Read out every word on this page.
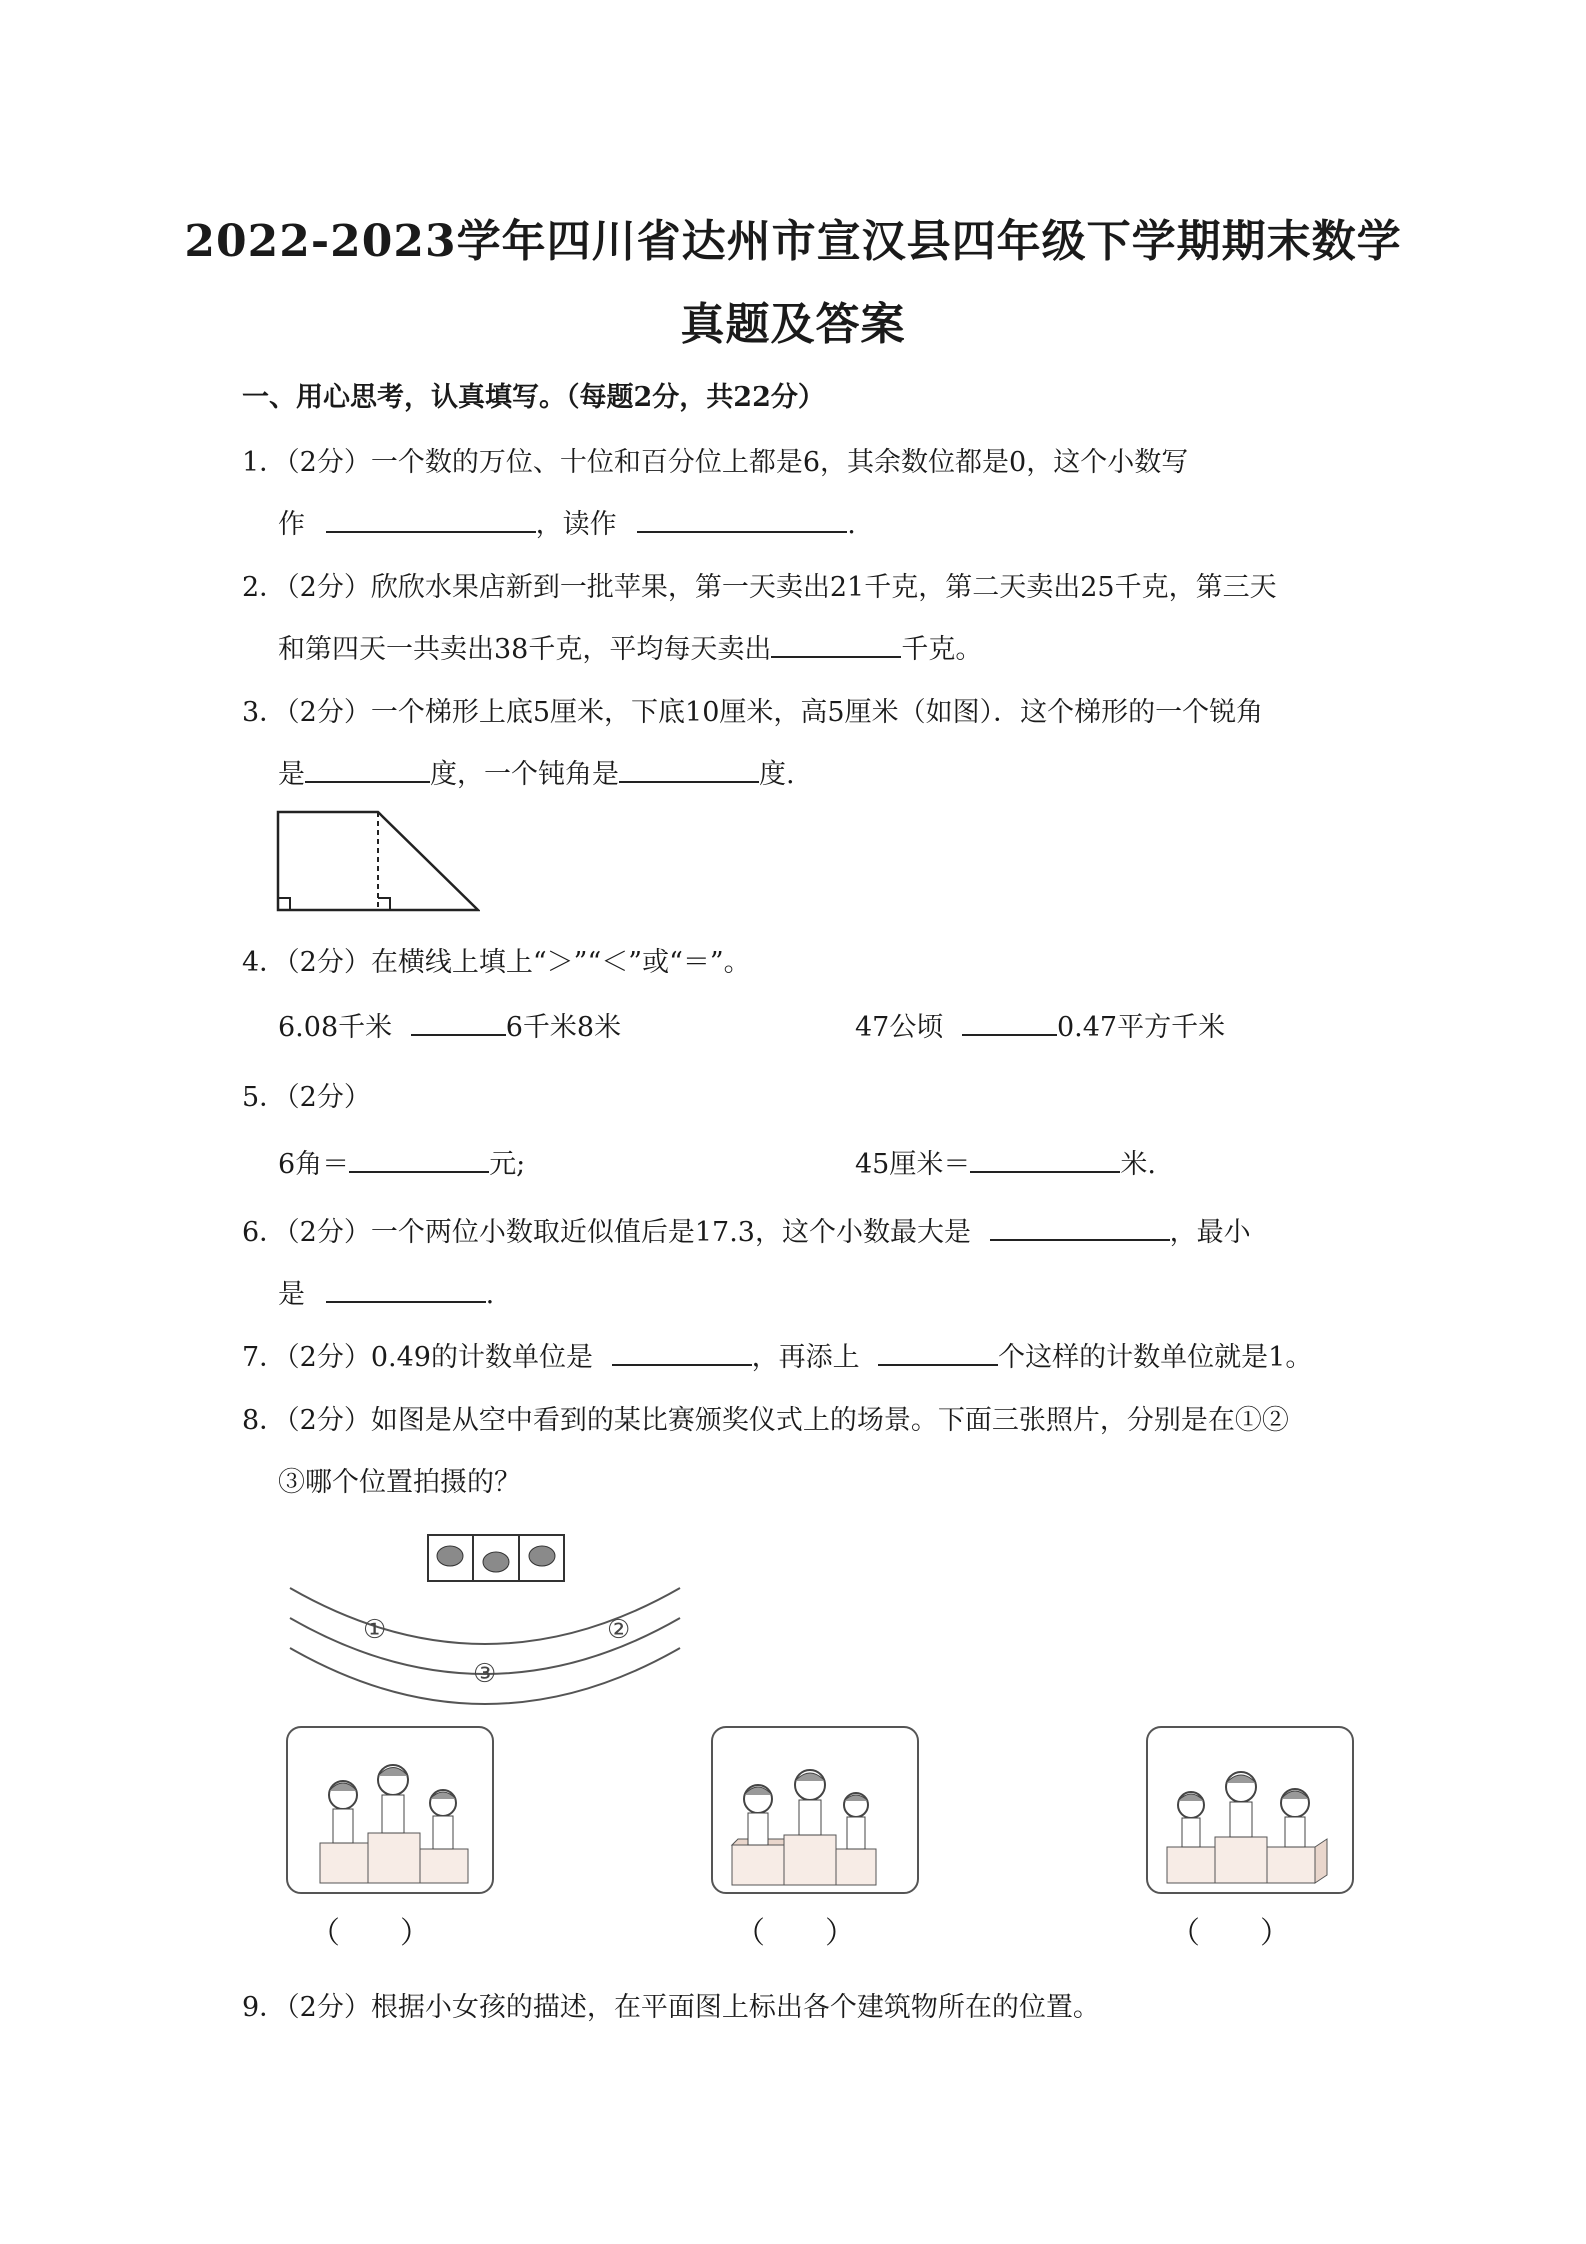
2022-2023学年四川省达州市宣汉县四年级下学期期末数学
真题及答案
一、用心思考，认真填写。（每题2分，共22分）
1．（2分）一个数的万位、十位和百分位上都是6，其余数位都是0，这个小数写
作	，读作	.
2．（2分）欣欣水果店新到一批苹果，第一天卖出21千克，第二天卖出25千克，第三天
和第四天一共卖出38千克，平均每天卖出	千克。
3．（2分）一个梯形上底5厘米，下底10厘米，高5厘米（如图）．这个梯形的一个锐角
是	度，一个钝角是	度.
4．（2分）在横线上填上“＞”“＜”或“＝”。
6.08千米	6千米8米	47公顷	0.47平方千米
5．（2分）
6角＝	元;	45厘米＝	米.
6．（2分）一个两位小数取近似值后是17.3，这个小数最大是	，最小
是	.
7．（2分）0.49的计数单位是	，再添上	个这样的计数单位就是1。
8．（2分）如图是从空中看到的某比赛颁奖仪式上的场景。下面三张照片，分别是在①②
③哪个位置拍摄的？
①	②
③
（　　）	（　　）	（　　）
9．（2分）根据小女孩的描述，在平面图上标出各个建筑物所在的位置。
